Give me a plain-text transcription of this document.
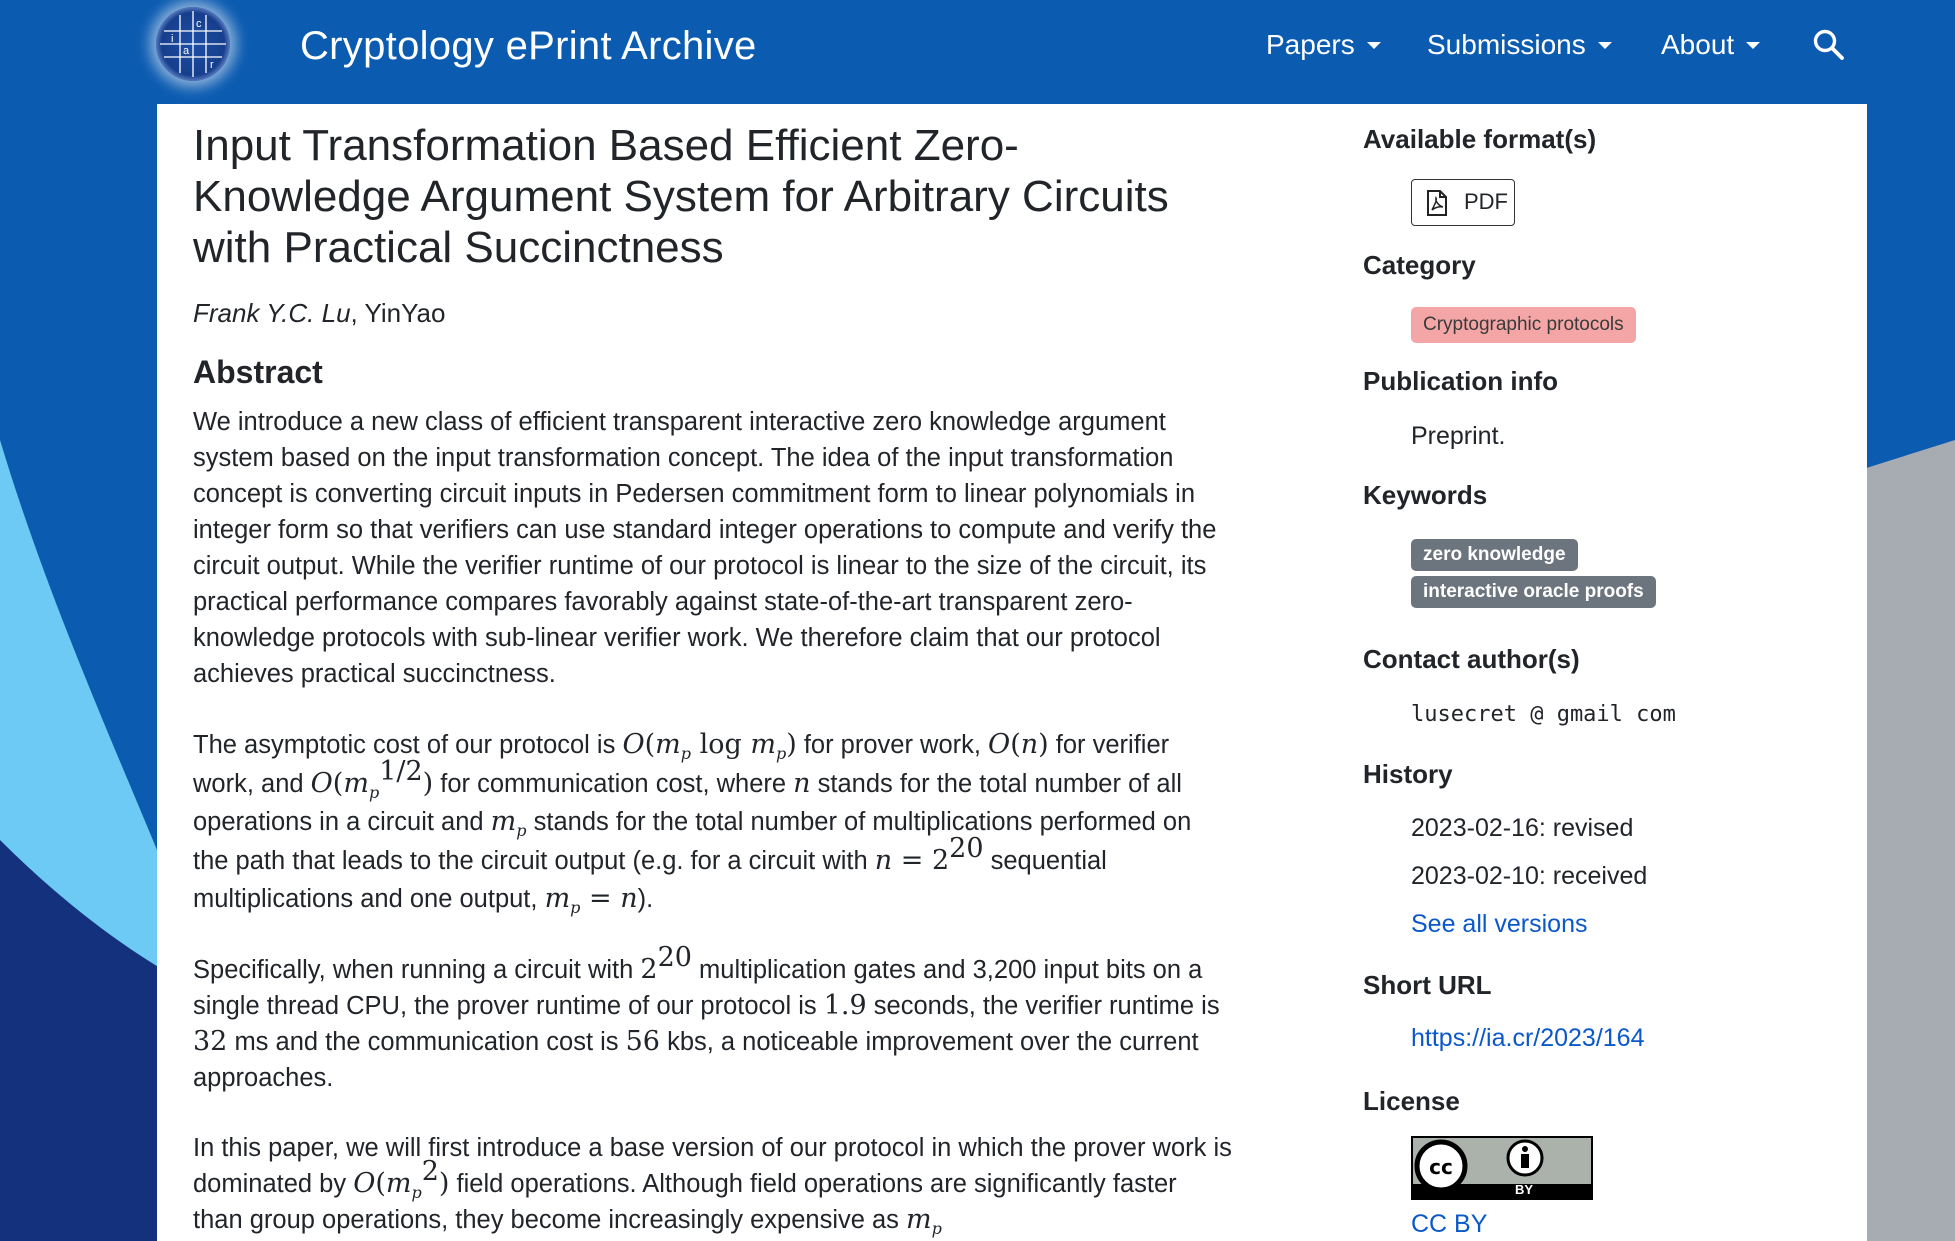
i
a
c
r Cryptology ePrint Archive	Papers	Submissions	About
Input Transformation Based Efficient Zero-Knowledge Argument System for Arbitrary Circuits with Practical Succinctness
Frank Y.C. Lu, YinYao
Abstract

We introduce a new class of efficient transparent interactive zero knowledge argument system based on the input transformation concept. The idea of the input transformation concept is converting circuit inputs in Pedersen commitment form to linear polynomials in integer form so that verifiers can use standard integer operations to compute and verify the circuit output. While the verifier runtime of our protocol is linear to the size of the circuit, its practical performance compares favorably against state-of-the-art transparent zero-knowledge protocols with sub-linear verifier work. We therefore claim that our protocol achieves practical succinctness.

The asymptotic cost of our protocol is $O(m_p$ $\log m_p$) for prover work, O(n) for verifier work, and $O(m_p^{1/2})$ for communication cost, where n stands for the total number of all operations in a circuit and $m_p$ stands for the total number of multiplications performed on the path that leads to the circuit output (e.g. for a circuit with $n = 2^{20}$ sequential multiplications and one output, $m_p = n$).

Specifically, when running a circuit with $2^{20}$ multiplication gates and 3,200 input bits on a single thread CPU, the prover runtime of our protocol is 1.9 seconds, the verifier runtime is 32 ms and the communication cost is 56 kbs, a noticeable improvement over the current approaches.

In this paper, we will first introduce a base version of our protocol in which the prover work is dominated by $O(m_p^2)$ field operations. Although field operations are significantly faster than group operations, they become increasingly expensive as $m_p$

Available format(s)
PDF
Category
Cryptographic protocols
Publication info
Preprint.
Keywords
zero knowledge
interactive oracle proofs
Contact author(s)
lusecret @ gmail com
History
2023-02-16: revised
2023-02-10: received
See all versions
Short URL
https://ia.cr/2023/164
License
cc
BY
CC BY
